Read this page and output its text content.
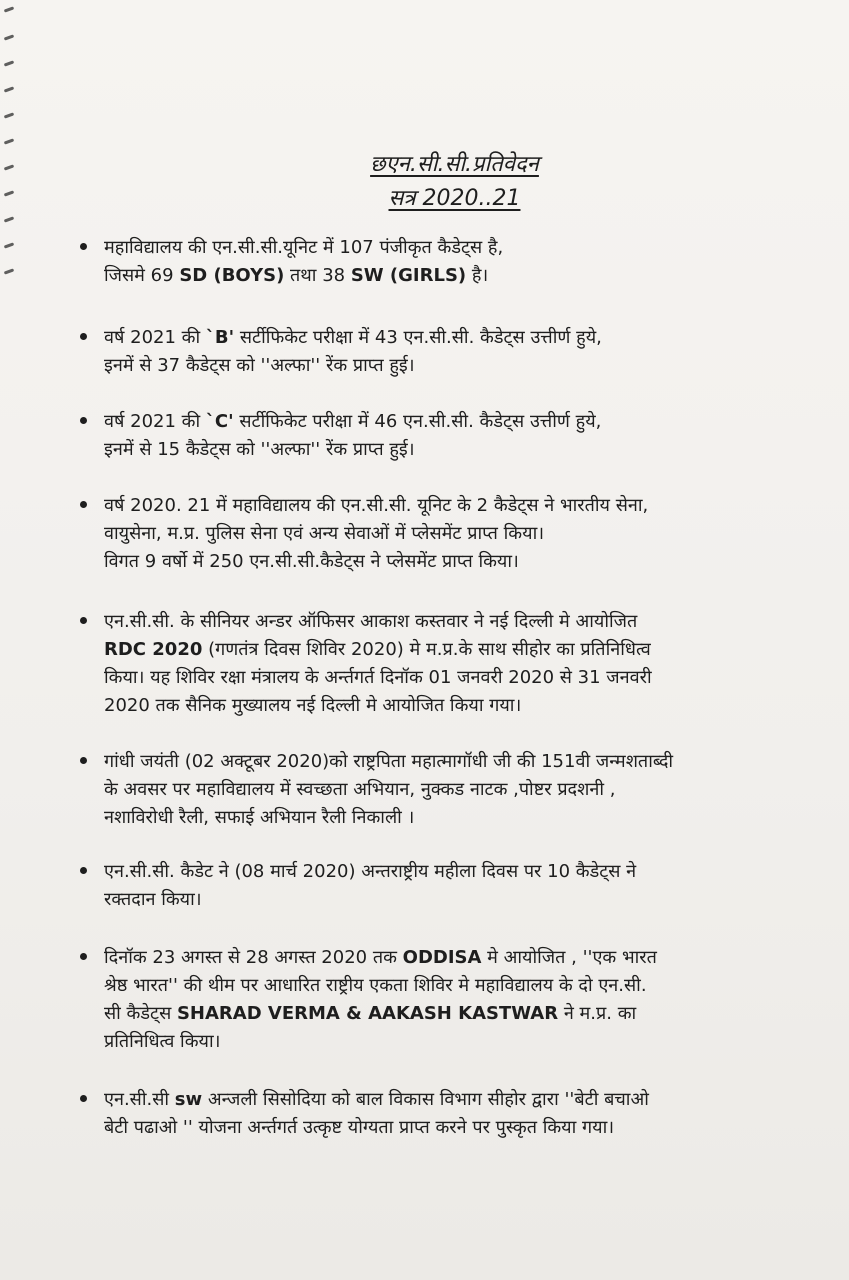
छएन.सी.सी.प्रतिवेदन
सत्र 2020..21

महाविद्यालय की एन.सी.सी.यूनिट में 107 पंजीकृत कैडेट्स है,

जिसमे 69 SD (BOYS) तथा 38 SW (GIRLS) है।

वर्ष 2021 की `B' सर्टीफिकेट परीक्षा में 43 एन.सी.सी. कैडेट्स उत्तीर्ण हुये,

इनमें से 37 कैडेट्स को ''अल्फा'' रेंक प्राप्त हुई।

वर्ष 2021 की `C' सर्टीफिकेट परीक्षा में 46 एन.सी.सी. कैडेट्स उत्तीर्ण हुये,

इनमें से 15 कैडेट्स को ''अल्फा'' रेंक प्राप्त हुई।

वर्ष 2020. 21 में महाविद्यालय की एन.सी.सी. यूनिट के 2 कैडेट्स ने भारतीय सेना,

वायुसेना, म.प्र. पुलिस सेना एवं अन्य सेवाओं में प्लेसमेंट प्राप्त किया।

विगत 9 वर्षो में 250 एन.सी.सी.कैडेट्स ने प्लेसमेंट प्राप्त किया।

एन.सी.सी. के सीनियर अन्डर ऑफिसर आकाश कस्तवार ने नई दिल्ली मे आयोजित

RDC 2020 (गणतंत्र दिवस शिविर 2020) मे म.प्र.के साथ सीहोर का प्रतिनिधित्व

किया। यह शिविर रक्षा मंत्रालय के अर्न्तगर्त दिनॉक 01 जनवरी 2020 से 31 जनवरी

2020 तक सैनिक मुख्यालय नई दिल्ली मे आयोजित किया गया।

गांधी जयंती (02 अक्टूबर 2020)को राष्ट्रपिता महात्मागॉधी जी की 151वी जन्मशताब्दी

के अवसर पर महाविद्यालय में स्वच्छता अभियान, नुक्कड नाटक ,पोष्टर प्रदशनी ,

नशाविरोधी रैली, सफाई अभियान रैली निकाली ।

एन.सी.सी. कैडेट ने (08 मार्च 2020) अन्तराष्ट्रीय महीला दिवस पर 10 कैडेट्स ने

रक्तदान किया।

दिनॉक 23 अगस्त से 28 अगस्त 2020 तक ODDISA मे आयोजित , ''एक भारत

श्रेष्ठ भारत'' की थीम पर आधारित राष्ट्रीय एकता शिविर मे महाविद्यालय के दो एन.सी.

सी कैडेट्स SHARAD VERMA & AAKASH KASTWAR ने म.प्र. का

प्रतिनिधित्व किया।

एन.सी.सी sw अन्जली सिसोदिया को बाल विकास विभाग सीहोर द्वारा ''बेटी बचाओ

बेटी पढाओ '' योजना अर्न्तगर्त उत्कृष्ट योग्यता प्राप्त करने पर पुस्कृत किया गया।
